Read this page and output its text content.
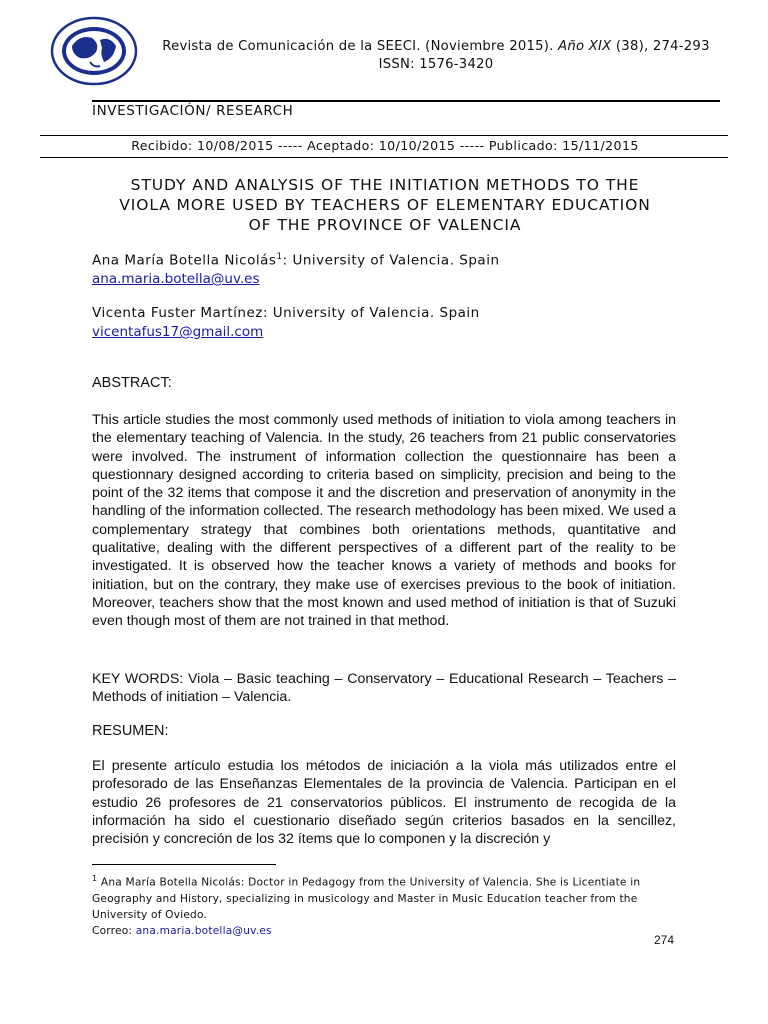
Revista de Comunicación de la SEECI. (Noviembre 2015). Año XIX (38), 274-293
ISSN: 1576-3420
INVESTIGACIÓN/ RESEARCH
Recibido: 10/08/2015 ----- Aceptado: 10/10/2015 ----- Publicado: 15/11/2015
STUDY AND ANALYSIS OF THE INITIATION METHODS TO THE
VIOLA MORE USED BY TEACHERS OF ELEMENTARY EDUCATION
OF THE PROVINCE OF VALENCIA
Ana María Botella Nicolás$^1$: University of Valencia. Spain
ana.maria.botella@uv.es
Vicenta Fuster Martínez: University of Valencia. Spain
vicentafus17@gmail.com
ABSTRACT:
This article studies the most commonly used methods of initiation to viola among teachers in the elementary teaching of Valencia. In the study, 26 teachers from 21 public conservatories were involved. The instrument of information collection the questionnaire has been a questionnary designed according to criteria based on simplicity, precision and being to the point of the 32 items that compose it and the discretion and preservation of anonymity in the handling of the information collected. The research methodology has been mixed. We used a complementary strategy that combines both orientations methods, quantitative and qualitative, dealing with the different perspectives of a different part of the reality to be investigated. It is observed how the teacher knows a variety of methods and books for initiation, but on the contrary, they make use of exercises previous to the book of initiation. Moreover, teachers show that the most known and used method of initiation is that of Suzuki even though most of them are not trained in that method.
KEY WORDS: Viola – Basic teaching – Conservatory – Educational Research – Teachers – Methods of initiation – Valencia.
RESUMEN:
El presente artículo estudia los métodos de iniciación a la viola más utilizados entre el profesorado de las Enseñanzas Elementales de la provincia de Valencia. Participan en el estudio 26 profesores de 21 conservatorios públicos. El instrumento de recogida de la información ha sido el cuestionario diseñado según criterios basados en la sencillez, precisión y concreción de los 32 ítems que lo componen y la discreción y
$^1$ Ana María Botella Nicolás: Doctor in Pedagogy from the University of Valencia. She is Licentiate in Geography and History, specializing in musicology and Master in Music Education teacher from the University of Oviedo.
Correo: ana.maria.botella@uv.es
274
